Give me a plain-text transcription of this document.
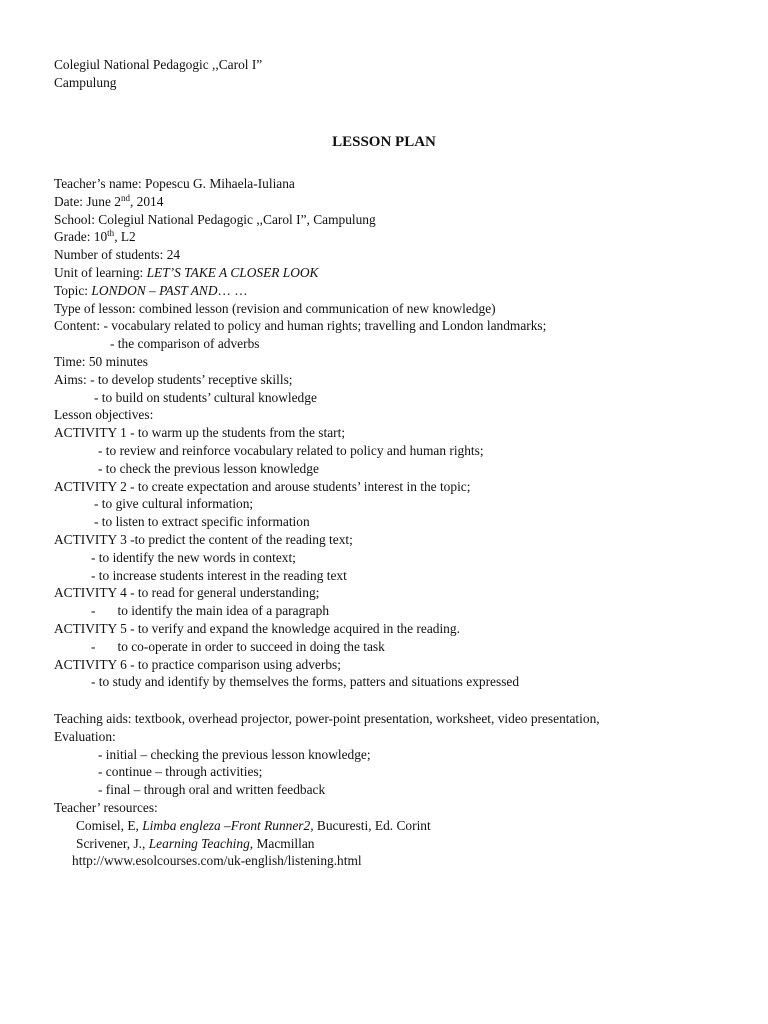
Colegiul National Pedagogic ,,Carol I”
Campulung
LESSON PLAN
Teacher’s name: Popescu G. Mihaela-Iuliana
Date: June 2nd, 2014
School: Colegiul National Pedagogic ,,Carol I”, Campulung
Grade: 10th, L2
Number of students: 24
Unit of learning: LET’S TAKE A CLOSER LOOK
Topic: LONDON – PAST AND… …
Type of lesson: combined lesson (revision and communication of new knowledge)
Content: - vocabulary related to policy and human rights; travelling and London landmarks;
- the comparison of adverbs
Time: 50 minutes
Aims: - to develop students’ receptive skills;
- to build on students’ cultural knowledge
Lesson objectives:
ACTIVITY 1 - to warm up the students from the start;
- to review and reinforce vocabulary related to policy and human rights;
- to check the previous lesson knowledge
ACTIVITY 2 - to create expectation and arouse students’ interest in the topic;
- to give cultural information;
- to listen to extract specific information
ACTIVITY 3 -to predict the content of the reading text;
- to identify the new words in context;
- to increase students interest in the reading text
ACTIVITY 4 - to read for general understanding;
- to identify the main idea of a paragraph
ACTIVITY 5 - to verify and expand the knowledge acquired in the reading.
- to co-operate in order to succeed in doing the task
ACTIVITY 6 - to practice comparison using adverbs;
- to study and identify by themselves the forms, patters and situations expressed
Teaching aids: textbook, overhead projector, power-point presentation, worksheet, video presentation,
Evaluation:
- initial – checking the previous lesson knowledge;
- continue – through activities;
- final – through oral and written feedback
Teacher’ resources:
Comisel, E, Limba engleza –Front Runner2, Bucuresti, Ed. Corint
Scrivener, J., Learning Teaching, Macmillan
http://www.esolcourses.com/uk-english/listening.html
